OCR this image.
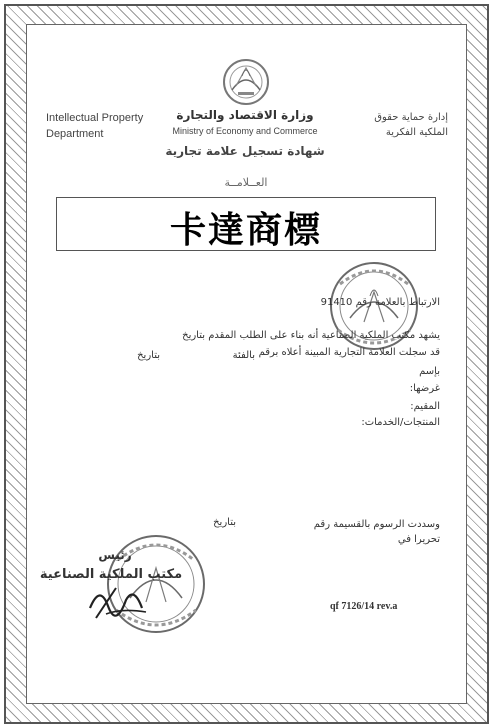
Intellectual Property
Department
إدارة حماية حقوق
الملكية الفكرية
وزارة الاقتصاد والتجارة
Ministry of Economy and Commerce
شهادة تسجيل علامة تجارية
العــلامــة
卡達商標
الارتباط بالعلامة رقم 91410
يشهد مكتب الملكية الصناعية أنه بناء على الطلب المقدم بتاريخ
قد سجلت العلامة التجارية المبينة أعلاه برقم
بالفئة
بتاريخ
بإسم
غرضها:
المقيم:
المنتجات/الخدمات:
وسددت الرسوم بالقسيمة رقم
بتاريخ
تحريرا في
رئيس
مكتب الملكية الصناعية
qf 7126/14 rev.a
